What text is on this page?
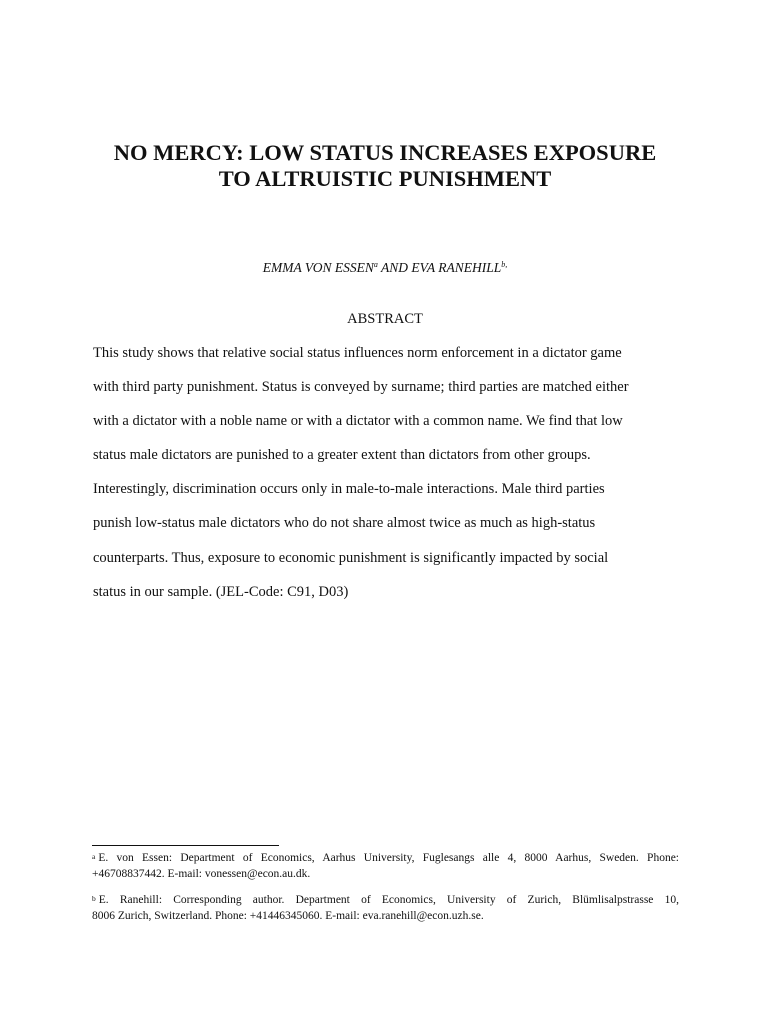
NO MERCY: LOW STATUS INCREASES EXPOSURE
TO ALTRUISTIC PUNISHMENT
EMMA VON ESSEN$^a$ AND EVA $RANEHILL^{b,}$
ABSTRACT
This study shows that relative social status influences norm enforcement in a dictator game
with third party punishment. Status is conveyed by surname; third parties are matched either
with a dictator with a noble name or with a dictator with a common name. We find that low
status male dictators are punished to a greater extent than dictators from other groups.
Interestingly, discrimination occurs only in male-to-male interactions. Male third parties
punish low-status male dictators who do not share almost twice as much as high-status
counterparts. Thus, exposure to economic punishment is significantly impacted by social
status in our sample. (JEL-Code: C91, D03)
$^a$ E. von Essen: Department of Economics, Aarhus University, Fuglesangs alle 4, 8000 Aarhus, Sweden. Phone:
+46708837442. E-mail: vonessen@econ.au.dk.
$^b$ E. Ranehill: Corresponding author. Department of Economics, University of Zurich, Blümlisalpstrasse 10,
8006 Zurich, Switzerland. Phone: +41446345060. E-mail: eva.ranehill@econ.uzh.se.
